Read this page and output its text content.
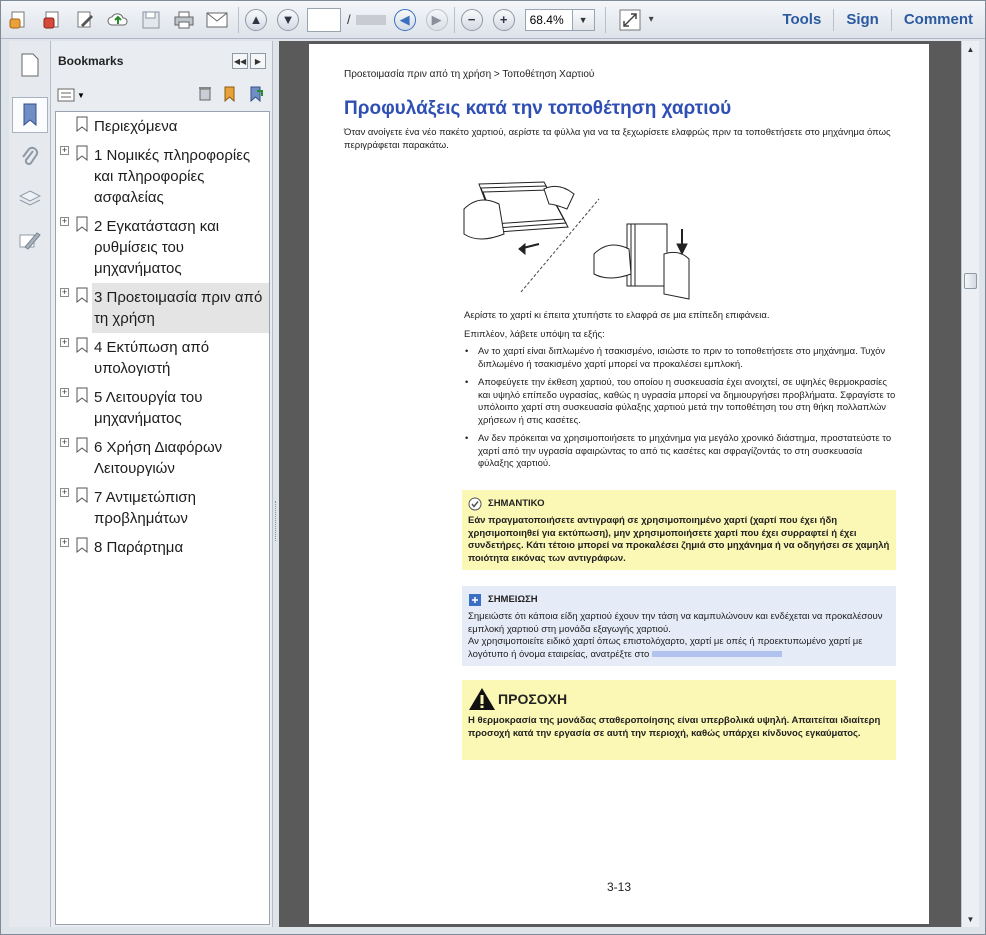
▲ ▼	/	◀ ▶ − +	68.4%	▼	▾	Tools	Sign	Comment
Bookmarks	◀◀ ▶
▼
Περιεχόμενα
+ 1 Νομικές πληροφορίες και πληροφορίες ασφαλείας
+ 2 Εγκατάσταση και ρυθμίσεις του μηχανήματος
+ 3 Προετοιμασία πριν από τη χρήση
+ 4 Εκτύπωση από υπολογιστή
+ 5 Λειτουργία του μηχανήματος
+ 6 Χρήση Διαφόρων Λειτουργιών
+ 7 Αντιμετώπιση προβλημάτων
+ 8 Παράρτημα
Προετοιμασία πριν από τη χρήση > Τοποθέτηση Χαρτιού
Προφυλάξεις κατά την τοποθέτηση χαρτιού
Όταν ανοίγετε ένα νέο πακέτο χαρτιού, αερίστε τα φύλλα για να τα ξεχωρίσετε ελαφρώς πριν τα τοποθετήσετε στο μηχάνημα όπως περιγράφεται παρακάτω.
Αερίστε το χαρτί κι έπειτα χτυπήστε το ελαφρά σε μια επίπεδη επιφάνεια.
Επιπλέον, λάβετε υπόψη τα εξής:
• Αν το χαρτί είναι διπλωμένο ή τσακισμένο, ισιώστε το πριν το τοποθετήσετε στο μηχάνημα. Τυχόν διπλωμένο ή τσακισμένο χαρτί μπορεί να προκαλέσει εμπλοκή.
• Αποφεύγετε την έκθεση χαρτιού, του οποίου η συσκευασία έχει ανοιχτεί, σε υψηλές θερμοκρασίες και υψηλό επίπεδο υγρασίας, καθώς η υγρασία μπορεί να δημιουργήσει προβλήματα. Σφραγίστε το υπόλοιπο χαρτί στη συσκευασία φύλαξης χαρτιού μετά την τοποθέτηση του στη θήκη πολλαπλών χρήσεων ή στις κασέτες.
• Αν δεν πρόκειται να χρησιμοποιήσετε το μηχάνημα για μεγάλο χρονικό διάστημα, προστατεύστε το χαρτί από την υγρασία αφαιρώντας το από τις κασέτες και σφραγίζοντάς το στη συσκευασία φύλαξης χαρτιού.
ΣΗΜΑΝΤΙΚΟ
Εάν πραγματοποιήσετε αντιγραφή σε χρησιμοποιημένο χαρτί (χαρτί που έχει ήδη χρησιμοποιηθεί για εκτύπωση), μην χρησιμοποιήσετε χαρτί που έχει συρραφτεί ή έχει συνδετήρες. Κάτι τέτοιο μπορεί να προκαλέσει ζημιά στο μηχάνημα ή να οδηγήσει σε χαμηλή ποιότητα εικόνας των αντιγράφων.
ΣΗΜΕΙΩΣΗ
Σημειώστε ότι κάποια είδη χαρτιού έχουν την τάση να καμπυλώνουν και ενδέχεται να προκαλέσουν εμπλοκή χαρτιού στη μονάδα εξαγωγής χαρτιού.
Αν χρησιμοποιείτε ειδικό χαρτί όπως επιστολόχαρτο, χαρτί με οπές ή προεκτυπωμένο χαρτί με λογότυπο ή όνομα εταιρείας, ανατρέξτε στο
ΠΡΟΣΟΧΗ
Η θερμοκρασία της μονάδας σταθεροποίησης είναι υπερβολικά υψηλή. Απαιτείται ιδιαίτερη προσοχή κατά την εργασία σε αυτή την περιοχή, καθώς υπάρχει κίνδυνος εγκαύματος.
3-13
▲
▼
